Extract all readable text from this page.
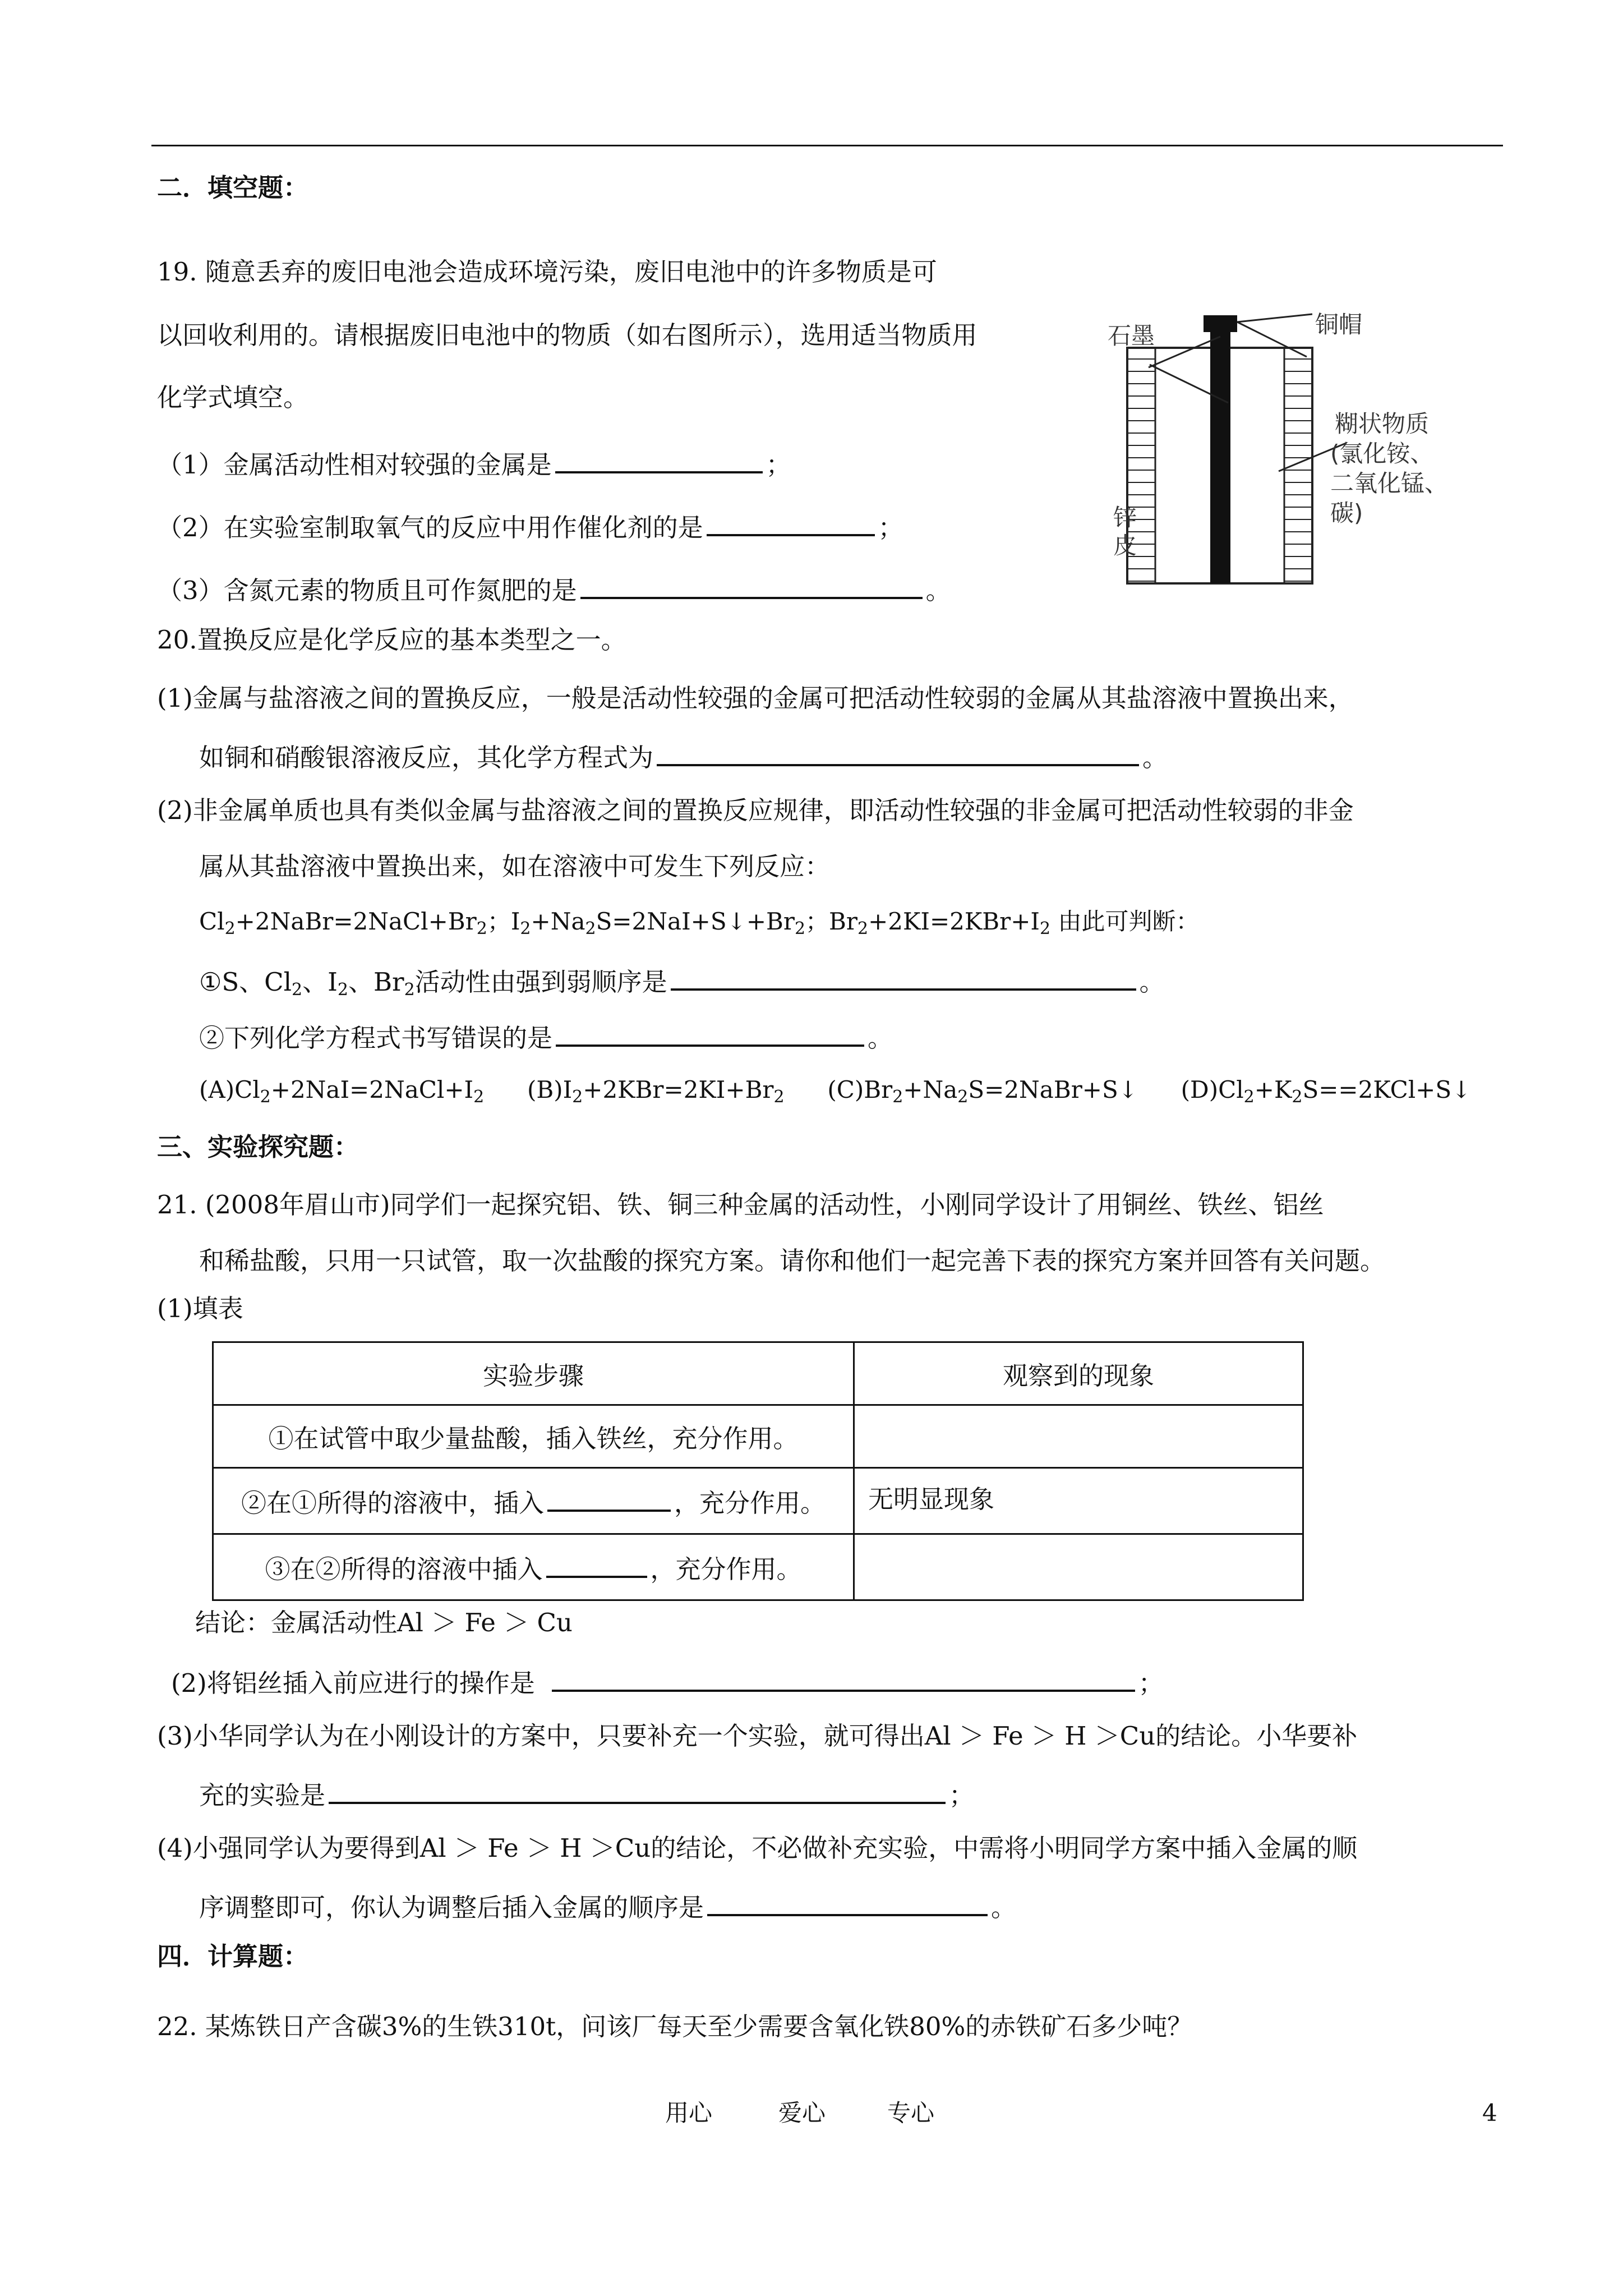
二．填空题：
19. 随意丢弃的废旧电池会造成环境污染，废旧电池中的许多物质是可
以回收利用的。请根据废旧电池中的物质（如右图所示），选用适当物质用
化学式填空。
（1）金属活动性相对较强的金属是	；
（2）在实验室制取氧气的反应中用作催化剂的是	；
（3）含氮元素的物质且可作氮肥的是	。
石墨	铜帽
糊状物质
(氯化铵、
二氧化锰、
碳)
锌
皮
20.置换反应是化学反应的基本类型之一。
(1)金属与盐溶液之间的置换反应，一般是活动性较强的金属可把活动性较弱的金属从其盐溶液中置换出来，
如铜和硝酸银溶液反应，其化学方程式为	。
(2)非金属单质也具有类似金属与盐溶液之间的置换反应规律，即活动性较强的非金属可把活动性较弱的非金
属从其盐溶液中置换出来，如在溶液中可发生下列反应：
$Cl_2+2NaBr=2NaCl+Br_2$；$I_2+Na_2S=2NaI+S↓+Br_2$；$Br_2+2KI=2KBr+I_2$ 由此可判断：
①S、$Cl_2$、$I_2$、$Br_2$活动性由强到弱顺序是	。
②下列化学方程式书写错误的是	。
$(A)Cl_2+2NaI=2NaCl+I_2$ $(B)I_2+2KBr=2KI+Br_2$ $(C)Br_2+Na_2S=2NaBr+S↓$ $(D)Cl_2+K_2S==2KCl+S↓$
三、实验探究题：
21. (2008年眉山市)同学们一起探究铝、铁、铜三种金属的活动性，小刚同学设计了用铜丝、铁丝、铝丝
和稀盐酸，只用一只试管，取一次盐酸的探究方案。请你和他们一起完善下表的探究方案并回答有关问题。
(1)填表
实验步骤	观察到的现象
①在试管中取少量盐酸，插入铁丝，充分作用。	
②在①所得的溶液中，插入 ，充分作用。	无明显现象
③在②所得的溶液中插入 ，充分作用。	
结论：金属活动性Al ＞ Fe ＞ Cu
(2)将铝丝插入前应进行的操作是	；
(3)小华同学认为在小刚设计的方案中，只要补充一个实验，就可得出Al ＞ Fe ＞ H ＞Cu的结论。小华要补
充的实验是	；
(4)小强同学认为要得到Al ＞ Fe ＞ H ＞Cu的结论，不必做补充实验，中需将小明同学方案中插入金属的顺
序调整即可，你认为调整后插入金属的顺序是	。
四．计算题：
22. 某炼铁日产含碳3%的生铁310t，问该厂每天至少需要含氧化铁80%的赤铁矿石多少吨？
用心	爱心	专心	4
